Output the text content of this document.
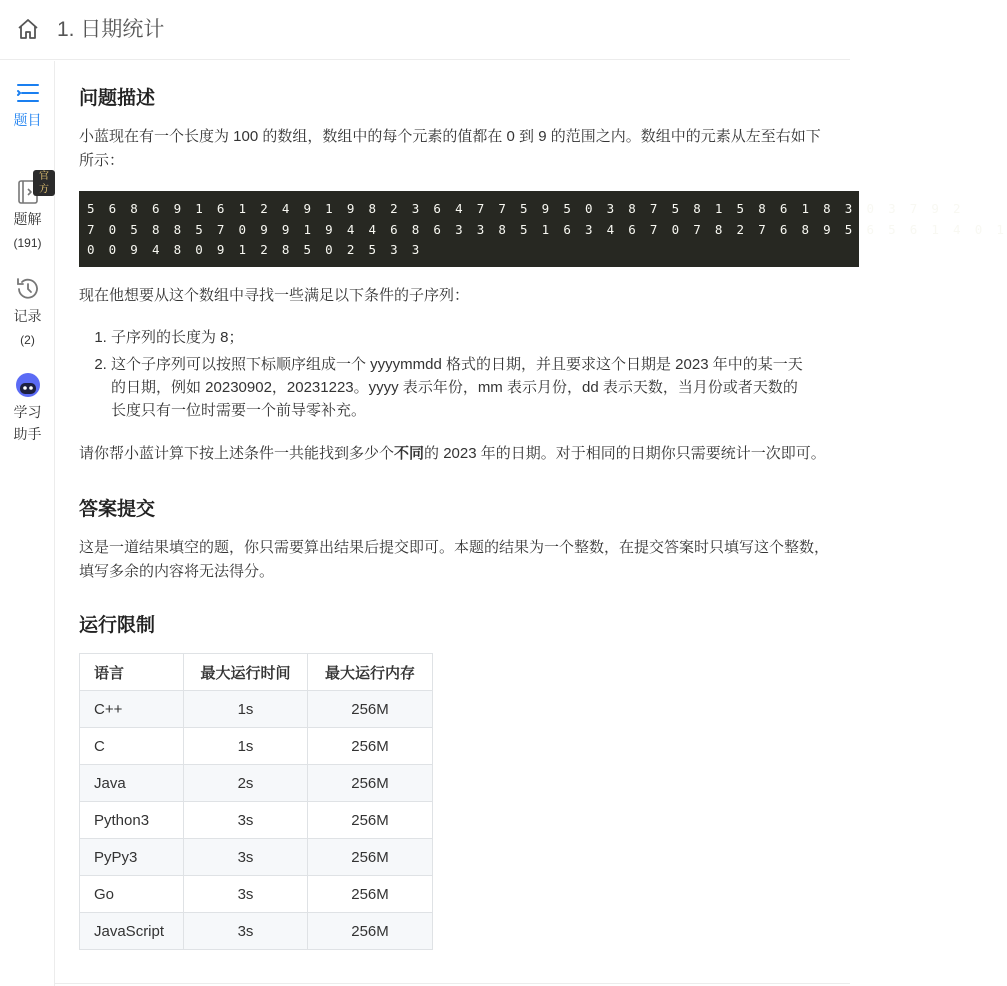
1. 日期统计
题目
官方
题解
(191)
记录
(2)
学习
助手
问题描述

小蓝现在有一个长度为 100 的数组，数组中的每个元素的值都在 0 到 9 的范围之内。数组中的元素从左至右如下

所示：

5 6 8 6 9 1 6 1 2 4 9 1 9 8 2 3 6 4 7 7 5 9 5 0 3 8 7 5 8 1 5 8 6 1 8 3 0 3 7 9 2
7 0 5 8 8 5 7 0 9 9 1 9 4 4 6 8 6 3 3 8 5 1 6 3 4 6 7 0 7 8 2 7 6 8 9 5 6 5 6 1 4 0 1
0 0 9 4 8 0 9 1 2 8 5 0 2 5 3 3

现在他想要从这个数组中寻找一些满足以下条件的子序列：

1. 子序列的长度为 8；
2. 这个子序列可以按照下标顺序组成一个 yyyymmdd 格式的日期，并且要求这个日期是 2023 年中的某一天
的日期，例如 20230902，20231223。yyyy 表示年份，mm 表示月份，dd 表示天数，当月份或者天数的
长度只有一位时需要一个前导零补充。

请你帮小蓝计算下按上述条件一共能找到多少个不同的 2023 年的日期。对于相同的日期你只需要统计一次即可。

答案提交

这是一道结果填空的题，你只需要算出结果后提交即可。本题的结果为一个整数，在提交答案时只填写这个整数，

填写多余的内容将无法得分。

运行限制
语言	最大运行时间	最大运行内存
C++	1s	256M
C	1s	256M
Java	2s	256M
Python3	3s	256M
PyPy3	3s	256M
Go	3s	256M
JavaScript	3s	256M
